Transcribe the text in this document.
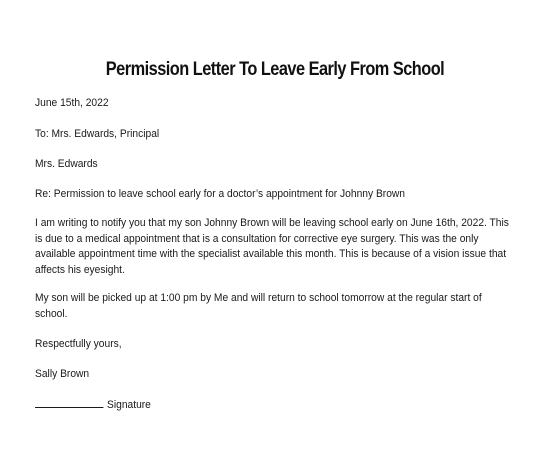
Permission Letter To Leave Early From School
June 15th, 2022
To: Mrs. Edwards, Principal
Mrs. Edwards
Re: Permission to leave school early for a doctor’s appointment for Johnny Brown
I am writing to notify you that my son Johnny Brown will be leaving school early on June 16th, 2022. This
is due to a medical appointment that is a consultation for corrective eye surgery. This was the only
available appointment time with the specialist available this month. This is because of a vision issue that
affects his eyesight.
My son will be picked up at 1:00 pm by Me and will return to school tomorrow at the regular start of
school.
Respectfully yours,
Sally Brown
Signature
